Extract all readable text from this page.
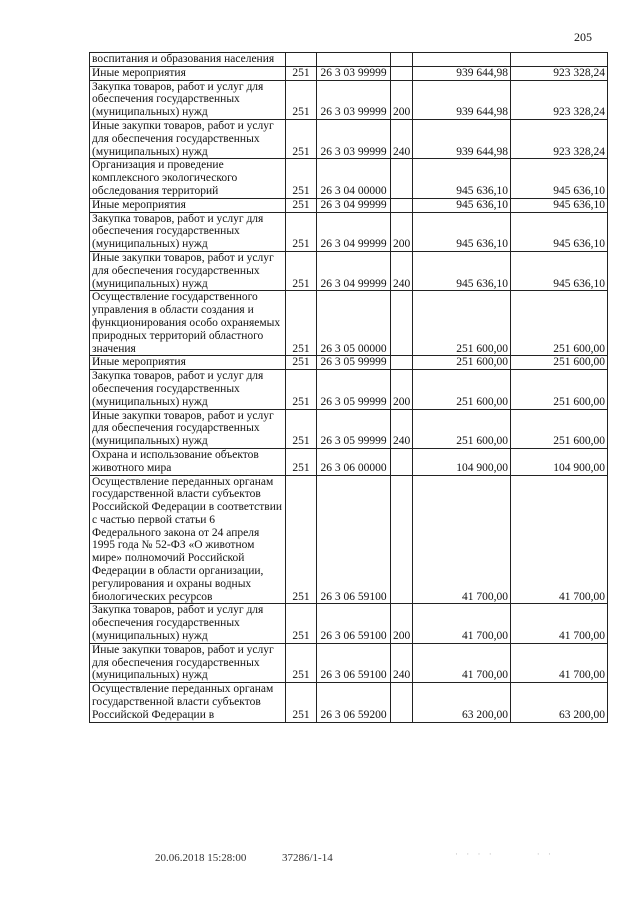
205
воспитания и образования населения					
Иные мероприятия	251	26 3 03 99999		939 644,98	923 328,24
Закупка товаров, работ и услуг для обеспечения государственных (муниципальных) нужд	251	26 3 03 99999	200	939 644,98	923 328,24
Иные закупки товаров, работ и услуг для обеспечения государственных (муниципальных) нужд	251	26 3 03 99999	240	939 644,98	923 328,24
Организация и проведение комплексного экологического обследования территорий	251	26 3 04 00000		945 636,10	945 636,10
Иные мероприятия	251	26 3 04 99999		945 636,10	945 636,10
Закупка товаров, работ и услуг для обеспечения государственных (муниципальных) нужд	251	26 3 04 99999	200	945 636,10	945 636,10
Иные закупки товаров, работ и услуг для обеспечения государственных (муниципальных) нужд	251	26 3 04 99999	240	945 636,10	945 636,10
Осуществление государственного управления в области создания и функционирования особо охраняемых природных территорий областного значения	251	26 3 05 00000		251 600,00	251 600,00
Иные мероприятия	251	26 3 05 99999		251 600,00	251 600,00
Закупка товаров, работ и услуг для обеспечения государственных (муниципальных) нужд	251	26 3 05 99999	200	251 600,00	251 600,00
Иные закупки товаров, работ и услуг для обеспечения государственных (муниципальных) нужд	251	26 3 05 99999	240	251 600,00	251 600,00
Охрана и использование объектов животного мира	251	26 3 06 00000		104 900,00	104 900,00
Осуществление переданных органам государственной власти субъектов Российской Федерации в соответствии с частью первой статьи 6 Федерального закона от 24 апреля 1995 года № 52-ФЗ «О животном мире» полномочий Российской Федерации в области организации, регулирования и охраны водных биологических ресурсов	251	26 3 06 59100		41 700,00	41 700,00
Закупка товаров, работ и услуг для обеспечения государственных (муниципальных) нужд	251	26 3 06 59100	200	41 700,00	41 700,00
Иные закупки товаров, работ и услуг для обеспечения государственных (муниципальных) нужд	251	26 3 06 59100	240	41 700,00	41 700,00
Осуществление переданных органам государственной власти субъектов Российской Федерации в	251	26 3 06 59200		63 200,00	63 200,00
20.06.2018 15:28:00	37286/1-14	· · · ·        · ·
